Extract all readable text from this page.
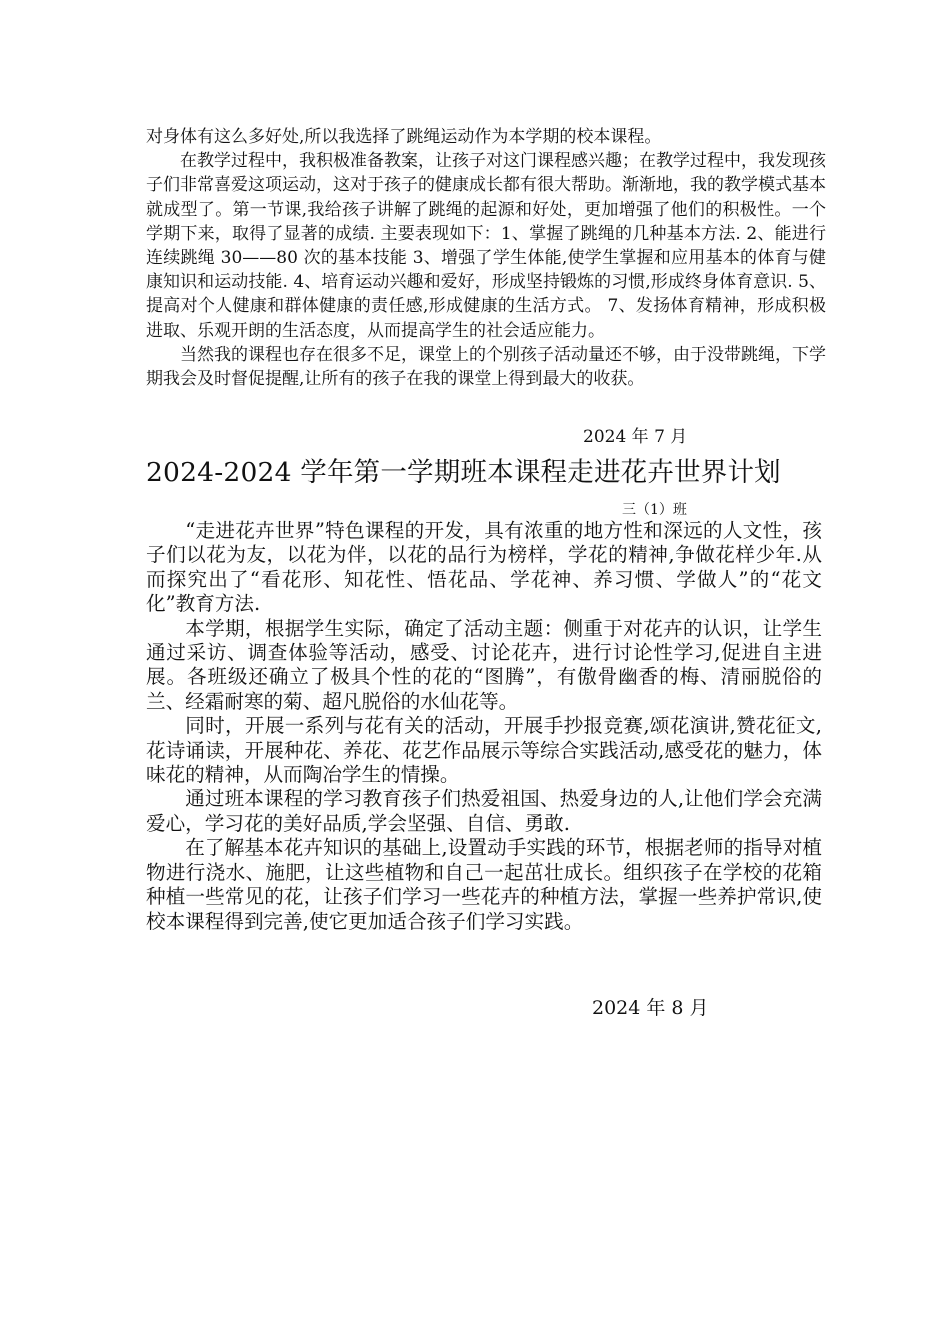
对身体有这么多好处,所以我选择了跳绳运动作为本学期的校本课程。

在教学过程中，我积极准备教案，让孩子对这门课程感兴趣；在教学过程中，我发现孩子们非常喜爱这项运动，这对于孩子的健康成长都有很大帮助。渐渐地，我的教学模式基本就成型了。第一节课,我给孩子讲解了跳绳的起源和好处，更加增强了他们的积极性。一个学期下来，取得了显著的成绩. 主要表现如下：1、掌握了跳绳的几种基本方法. 2、能进行连续跳绳 30——80 次的基本技能 3、增强了学生体能,使学生掌握和应用基本的体育与健康知识和运动技能. 4、培育运动兴趣和爱好，形成坚持锻炼的习惯,形成终身体育意识. 5、提高对个人健康和群体健康的责任感,形成健康的生活方式。 7、发扬体育精神，形成积极进取、乐观开朗的生活态度，从而提高学生的社会适应能力。

当然我的课程也存在很多不足，课堂上的个别孩子活动量还不够，由于没带跳绳，下学期我会及时督促提醒,让所有的孩子在我的课堂上得到最大的收获。

2024 年 7 月
2024-2024 学年第一学期班本课程走进花卉世界计划
三（1）班

“走进花卉世界”特色课程的开发，具有浓重的地方性和深远的人文性，孩子们以花为友，以花为伴，以花的品行为榜样，学花的精神,争做花样少年.从而探究出了“看花形、知花性、悟花品、学花神、养习惯、学做人”的“花文化”教育方法.

本学期，根据学生实际，确定了活动主题：侧重于对花卉的认识，让学生通过采访、调查体验等活动，感受、讨论花卉，进行讨论性学习,促进自主进展。各班级还确立了极具个性的花的“图腾”，有傲骨幽香的梅、清丽脱俗的兰、经霜耐寒的菊、超凡脱俗的水仙花等。

同时，开展一系列与花有关的活动，开展手抄报竞赛,颂花演讲,赞花征文,花诗诵读，开展种花、养花、花艺作品展示等综合实践活动,感受花的魅力，体味花的精神，从而陶冶学生的情操。

通过班本课程的学习教育孩子们热爱祖国、热爱身边的人,让他们学会充满爱心，学习花的美好品质,学会坚强、自信、勇敢.

在了解基本花卉知识的基础上,设置动手实践的环节，根据老师的指导对植物进行浇水、施肥，让这些植物和自己一起茁壮成长。组织孩子在学校的花箱种植一些常见的花，让孩子们学习一些花卉的种植方法，掌握一些养护常识,使校本课程得到完善,使它更加适合孩子们学习实践。

2024 年 8 月
